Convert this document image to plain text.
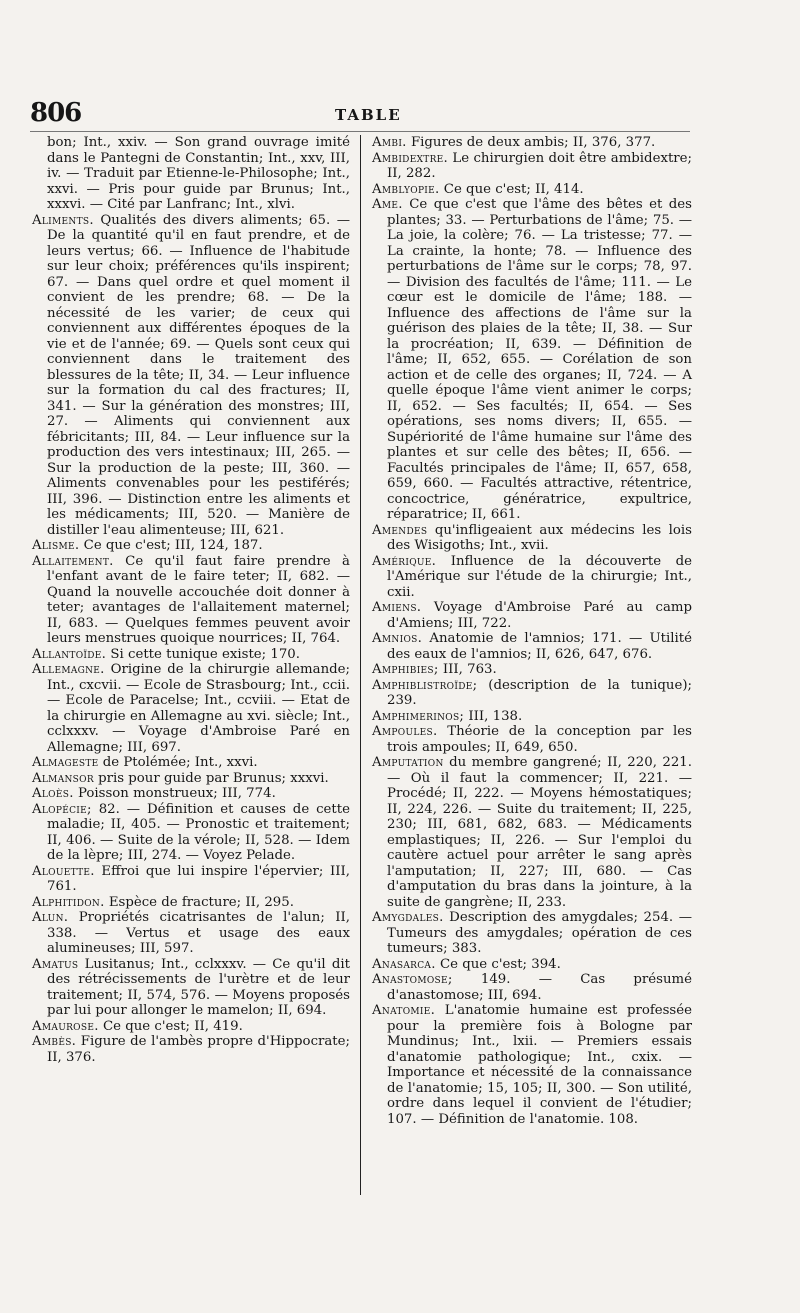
806	TABLE

bon; Int., xxiv. — Son grand ouvrage imité dans le Pantegni de Constantin; Int., xxv, III, iv. — Traduit par Etienne-le-Philosophe; Int., xxvi. — Pris pour guide par Brunus; Int., xxxvi. — Cité par Lanfranc; Int., xlvi.

Aliments. Qualités des divers aliments; 65. — De la quantité qu'il en faut prendre, et de leurs vertus; 66. — Influence de l'habitude sur leur choix; préférences qu'ils inspirent; 67. — Dans quel ordre et quel moment il convient de les prendre; 68. — De la nécessité de les varier; de ceux qui conviennent aux différentes époques de la vie et de l'année; 69. — Quels sont ceux qui conviennent dans le traitement des blessures de la tête; II, 34. — Leur influence sur la formation du cal des fractures; II, 341. — Sur la génération des monstres; III, 27. — Aliments qui conviennent aux fébricitants; III, 84. — Leur influence sur la production des vers intestinaux; III, 265. — Sur la production de la peste; III, 360. — Aliments convenables pour les pestiférés; III, 396. — Distinction entre les aliments et les médicaments; III, 520. — Manière de distiller l'eau alimenteuse; III, 621.

Alisme. Ce que c'est; III, 124, 187.

Allaitement. Ce qu'il faut faire prendre à l'enfant avant de le faire teter; II, 682. — Quand la nouvelle accouchée doit donner à teter; avantages de l'allaitement maternel; II, 683. — Quelques femmes peuvent avoir leurs menstrues quoique nourrices; II, 764.

Allantoïde. Si cette tunique existe; 170.

Allemagne. Origine de la chirurgie allemande; Int., cxcvii. — Ecole de Strasbourg; Int., ccii. — Ecole de Paracelse; Int., ccviii. — Etat de la chirurgie en Allemagne au xvi. siècle; Int., cclxxxv. — Voyage d'Ambroise Paré en Allemagne; III, 697.

Almageste de Ptolémée; Int., xxvi.

Almansor pris pour guide par Brunus; xxxvi.

Aloès. Poisson monstrueux; III, 774.

Alopécie; 82. — Définition et causes de cette maladie; II, 405. — Pronostic et traitement; II, 406. — Suite de la vérole; II, 528. — Idem de la lèpre; III, 274. — Voyez Pelade.

Alouette. Effroi que lui inspire l'épervier; III, 761.

Alphitidon. Espèce de fracture; II, 295.

Alun. Propriétés cicatrisantes de l'alun; II, 338. — Vertus et usage des eaux alumineuses; III, 597.

Amatus Lusitanus; Int., cclxxxv. — Ce qu'il dit des rétrécissements de l'urètre et de leur traitement; II, 574, 576. — Moyens proposés par lui pour allonger le mamelon; II, 694.

Amaurose. Ce que c'est; II, 419.

Ambès. Figure de l'ambès propre d'Hippocrate; II, 376.

Ambi. Figures de deux ambis; II, 376, 377.

Ambidextre. Le chirurgien doit être ambidextre; II, 282.

Amblyopie. Ce que c'est; II, 414.

Ame. Ce que c'est que l'âme des bêtes et des plantes; 33. — Perturbations de l'âme; 75. — La joie, la colère; 76. — La tristesse; 77. — La crainte, la honte; 78. — Influence des perturbations de l'âme sur le corps; 78, 97. — Division des facultés de l'âme; 111. — Le cœur est le domicile de l'âme; 188. — Influence des affections de l'âme sur la guérison des plaies de la tête; II, 38. — Sur la procréation; II, 639. — Définition de l'âme; II, 652, 655. — Corélation de son action et de celle des organes; II, 724. — A quelle époque l'âme vient animer le corps; II, 652. — Ses facultés; II, 654. — Ses opérations, ses noms divers; II, 655. — Supériorité de l'âme humaine sur l'âme des plantes et sur celle des bêtes; II, 656. — Facultés principales de l'âme; II, 657, 658, 659, 660. — Facultés attractive, rétentrice, concoctrice, génératrice, expultrice, réparatrice; II, 661.

Amendes qu'infligeaient aux médecins les lois des Wisigoths; Int., xvii.

Amérique. Influence de la découverte de l'Amérique sur l'étude de la chirurgie; Int., cxii.

Amiens. Voyage d'Ambroise Paré au camp d'Amiens; III, 722.

Amnios. Anatomie de l'amnios; 171. — Utilité des eaux de l'amnios; II, 626, 647, 676.

Amphibies; III, 763.

Amphiblistroïde; (description de la tunique); 239.

Amphimerinos; III, 138.

Ampoules. Théorie de la conception par les trois ampoules; II, 649, 650.

Amputation du membre gangrené; II, 220, 221. — Où il faut la commencer; II, 221. — Procédé; II, 222. — Moyens hémostatiques; II, 224, 226. — Suite du traitement; II, 225, 230; III, 681, 682, 683. — Médicaments emplastiques; II, 226. — Sur l'emploi du cautère actuel pour arrêter le sang après l'amputation; II, 227; III, 680. — Cas d'amputation du bras dans la jointure, à la suite de gangrène; II, 233.

Amygdales. Description des amygdales; 254. — Tumeurs des amygdales; opération de ces tumeurs; 383.

Anasarca. Ce que c'est; 394.

Anastomose; 149. — Cas présumé d'anastomose; III, 694.

Anatomie. L'anatomie humaine est professée pour la première fois à Bologne par Mundinus; Int., lxii. — Premiers essais d'anatomie pathologique; Int., cxix. — Importance et nécessité de la connaissance de l'anatomie; 15, 105; II, 300. — Son utilité, ordre dans lequel il convient de l'étudier; 107. — Définition de l'anatomie. 108.
